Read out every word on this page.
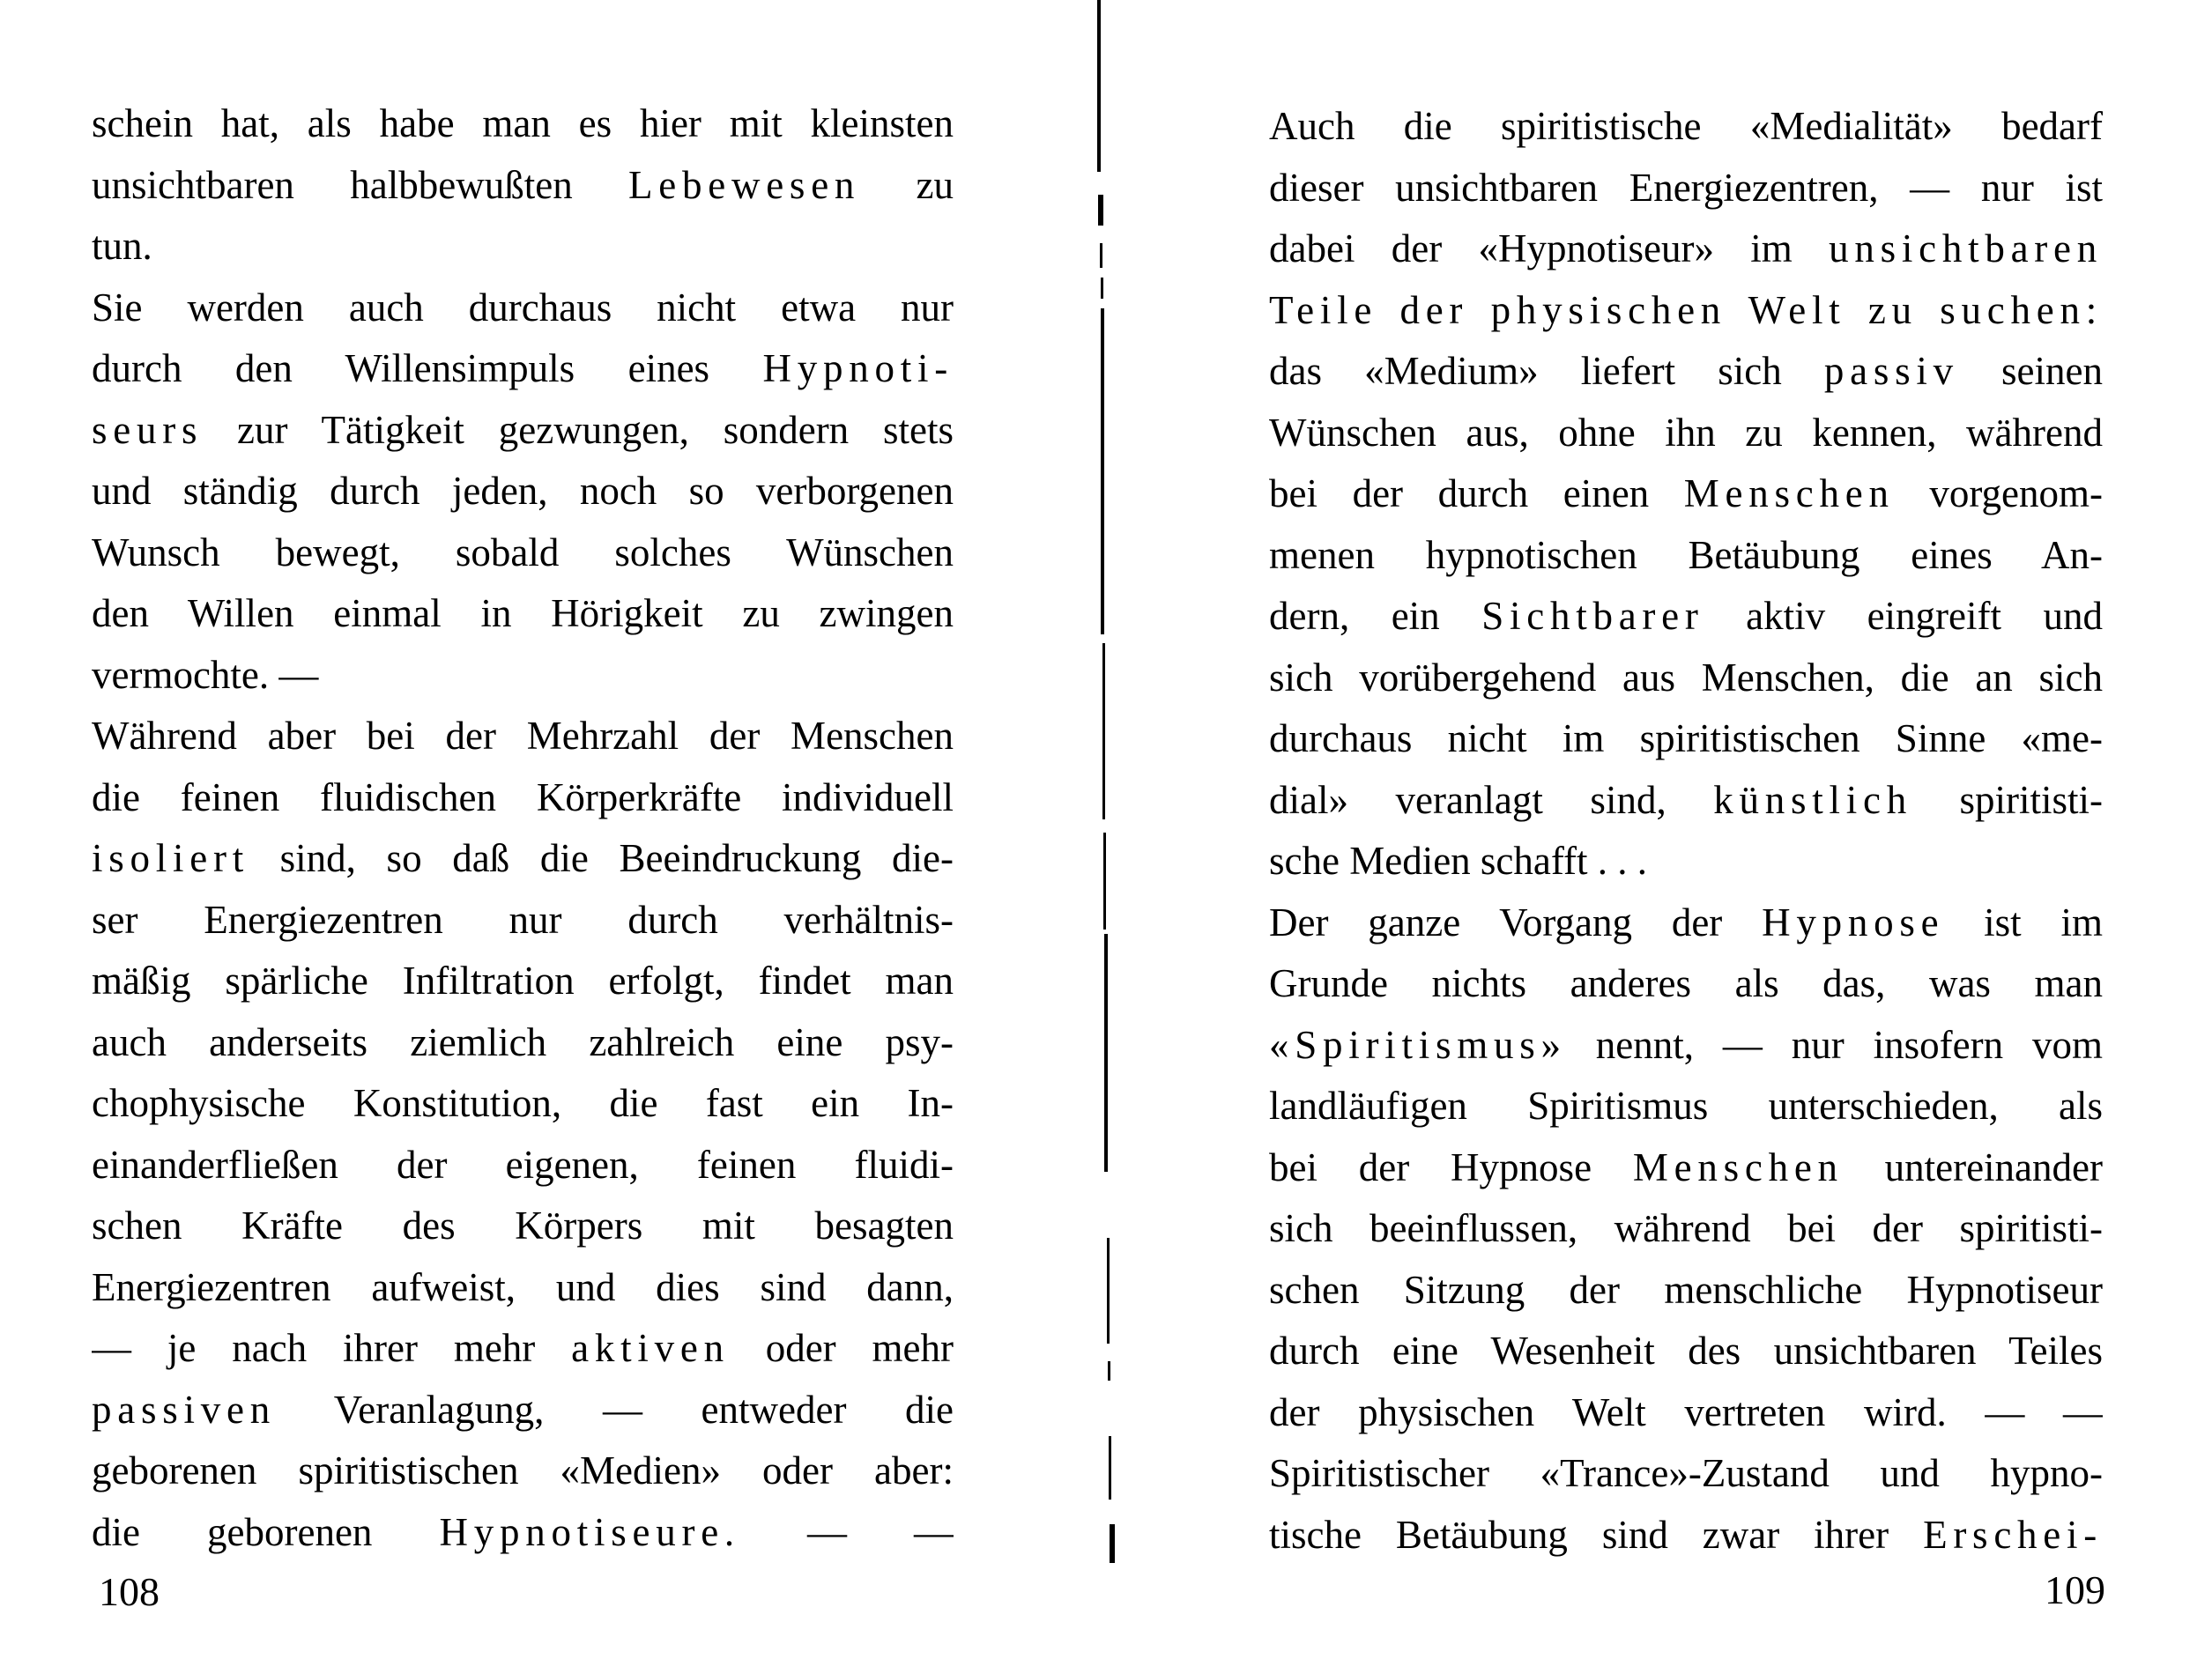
schein hat, als habe man es hier mit kleinsten
unsichtbaren halbbewußten Lebewesen zu
tun.
Sie werden auch durchaus nicht etwa nur
durch den Willensimpuls eines Hypnoti-
seurs zur Tätigkeit gezwungen, sondern stets
und ständig durch jeden, noch so verborgenen
Wunsch bewegt, sobald solches Wünschen
den Willen einmal in Hörigkeit zu zwingen
vermochte. —
Während aber bei der Mehrzahl der Menschen
die feinen fluidischen Körperkräfte individuell
isoliert sind, so daß die Beeindruckung die-
ser Energiezentren nur durch verhältnis-
mäßig spärliche Infiltration erfolgt, findet man
auch anderseits ziemlich zahlreich eine psy-
chophysische Konstitution, die fast ein In-
einanderfließen der eigenen, feinen fluidi-
schen Kräfte des Körpers mit besagten
Energiezentren aufweist, und dies sind dann,
— je nach ihrer mehr aktiven oder mehr
passiven Veranlagung, — entweder die
geborenen spiritistischen «Medien» oder aber:
die geborenen Hypnotiseure. — —
108
Auch die spiritistische «Medialität» bedarf
dieser unsichtbaren Energiezentren, — nur ist
dabei der «Hypnotiseur» im unsichtbaren
Teile der physischen Welt zu suchen:
das «Medium» liefert sich passiv seinen
Wünschen aus, ohne ihn zu kennen, während
bei der durch einen Menschen vorgenom-
menen hypnotischen Betäubung eines An-
dern, ein Sichtbarer aktiv eingreift und
sich vorübergehend aus Menschen, die an sich
durchaus nicht im spiritistischen Sinne «me-
dial» veranlagt sind, künstlich spiritisti-
sche Medien schafft . . .
Der ganze Vorgang der Hypnose ist im
Grunde nichts anderes als das, was man
«Spiritismus» nennt, — nur insofern vom
landläufigen Spiritismus unterschieden, als
bei der Hypnose Menschen untereinander
sich beeinflussen, während bei der spiritisti-
schen Sitzung der menschliche Hypnotiseur
durch eine Wesenheit des unsichtbaren Teiles
der physischen Welt vertreten wird. — —
Spiritistischer «Trance»-Zustand und hypno-
tische Betäubung sind zwar ihrer Erschei-
109
